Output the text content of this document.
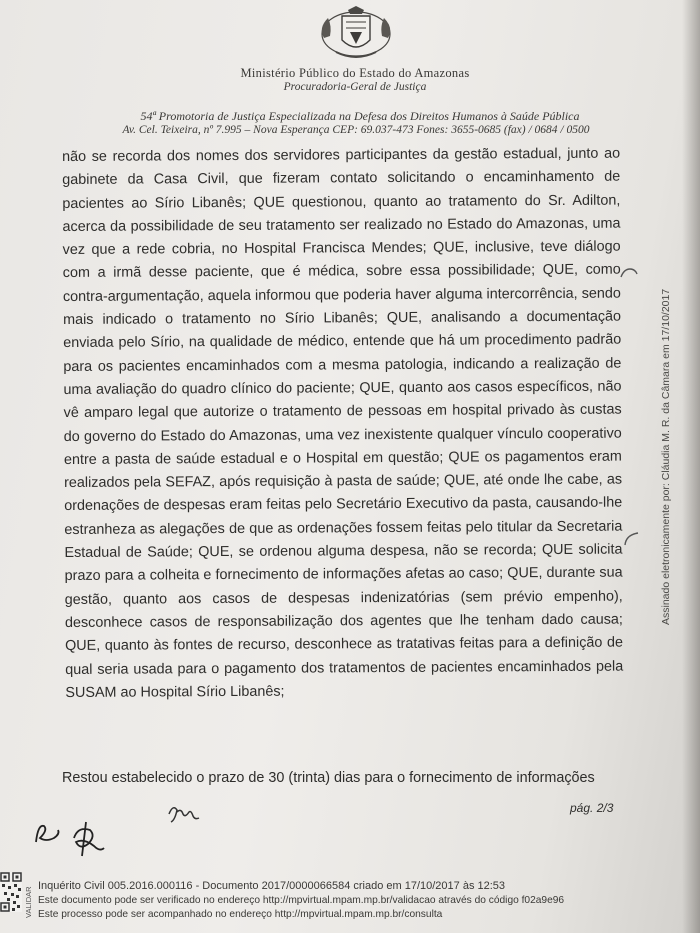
Ministério Público do Estado do Amazonas
Procuradoria-Geral de Justiça
54ª Promotoria de Justiça Especializada na Defesa dos Direitos Humanos à Saúde Pública
Av. Cel. Teixeira, nº 7.995 – Nova Esperança CEP: 69.037-473 Fones: 3655-0685 (fax) / 0684 / 0500
não se recorda dos nomes dos servidores participantes da gestão estadual, junto ao gabinete da Casa Civil, que fizeram contato solicitando o encaminhamento de pacientes ao Sírio Libanês; QUE questionou, quanto ao tratamento do Sr. Adilton, acerca da possibilidade de seu tratamento ser realizado no Estado do Amazonas, uma vez que a rede cobria, no Hospital Francisca Mendes; QUE, inclusive, teve diálogo com a irmã desse paciente, que é médica, sobre essa possibilidade; QUE, como contra-argumentação, aquela informou que poderia haver alguma intercorrência, sendo mais indicado o tratamento no Sírio Libanês; QUE, analisando a documentação enviada pelo Sírio, na qualidade de médico, entende que há um procedimento padrão para os pacientes encaminhados com a mesma patologia, indicando a realização de uma avaliação do quadro clínico do paciente; QUE, quanto aos casos específicos, não vê amparo legal que autorize o tratamento de pessoas em hospital privado às custas do governo do Estado do Amazonas, uma vez inexistente qualquer vínculo cooperativo entre a pasta de saúde estadual e o Hospital em questão; QUE os pagamentos eram realizados pela SEFAZ, após requisição à pasta de saúde; QUE, até onde lhe cabe, as ordenações de despesas eram feitas pelo Secretário Executivo da pasta, causando-lhe estranheza as alegações de que as ordenações fossem feitas pelo titular da Secretaria Estadual de Saúde; QUE, se ordenou alguma despesa, não se recorda; QUE solicita prazo para a colheita e fornecimento de informações afetas ao caso; QUE, durante sua gestão, quanto aos casos de despesas indenizatórias (sem prévio empenho), desconhece casos de responsabilização dos agentes que lhe tenham dado causa; QUE, quanto às fontes de recurso, desconhece as tratativas feitas para a definição de qual seria usada para o pagamento dos tratamentos de pacientes encaminhados pela SUSAM ao Hospital Sírio Libanês;
Restou estabelecido o prazo de 30 (trinta) dias para o fornecimento de informações
pág. 2/3
Assinado eletronicamente por: Cláudia M. R. da Câmara em 17/10/2017
VALIDAR
Inquérito Civil 005.2016.000116 - Documento 2017/0000066584 criado em 17/10/2017 às 12:53
Este documento pode ser verificado no endereço http://mpvirtual.mpam.mp.br/validacao através do código f02a9e96
Este processo pode ser acompanhado no endereço http://mpvirtual.mpam.mp.br/consulta
